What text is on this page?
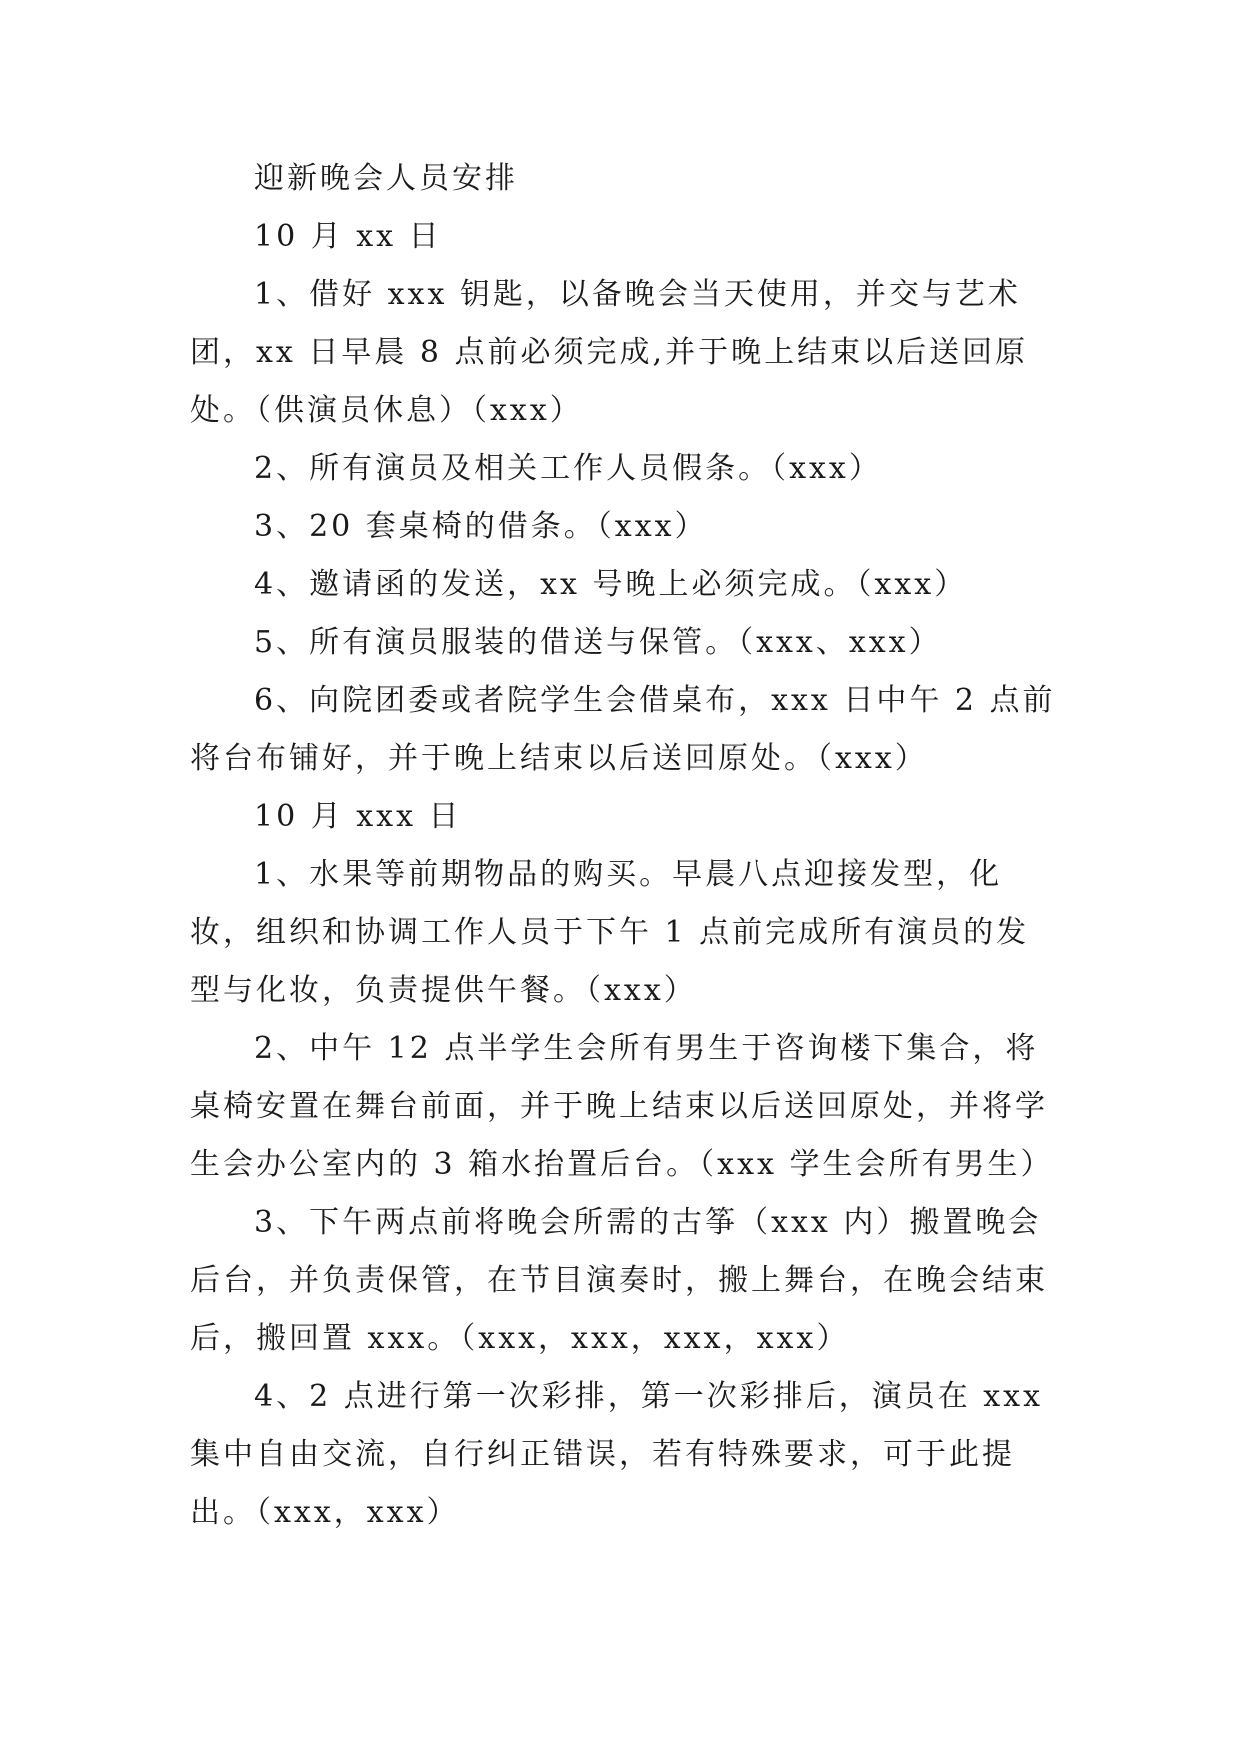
迎新晚会人员安排

10 月 xx 日

1、借好 xxx 钥匙，以备晚会当天使用，并交与艺术团，xx 日早晨 8 点前必须完成,并于晚上结束以后送回原处。（供演员休息）（xxx）

2、所有演员及相关工作人员假条。（xxx）

3、20 套桌椅的借条。（xxx）

4、邀请函的发送，xx 号晚上必须完成。（xxx）

5、所有演员服装的借送与保管。（xxx、xxx）

6、向院团委或者院学生会借桌布，xxx 日中午 2 点前将台布铺好，并于晚上结束以后送回原处。（xxx）

10 月 xxx 日

1、水果等前期物品的购买。早晨八点迎接发型，化妆，组织和协调工作人员于下午 1 点前完成所有演员的发型与化妆，负责提供午餐。（xxx）

2、中午 12 点半学生会所有男生于咨询楼下集合，将桌椅安置在舞台前面，并于晚上结束以后送回原处，并将学生会办公室内的 3 箱水抬置后台。（xxx 学生会所有男生）

3、下午两点前将晚会所需的古筝（xxx 内）搬置晚会后台，并负责保管，在节目演奏时，搬上舞台，在晚会结束后，搬回置 xxx。（xxx，xxx，xxx，xxx）

4、2 点进行第一次彩排，第一次彩排后，演员在 xxx 集中自由交流，自行纠正错误，若有特殊要求，可于此提出。（xxx，xxx）
